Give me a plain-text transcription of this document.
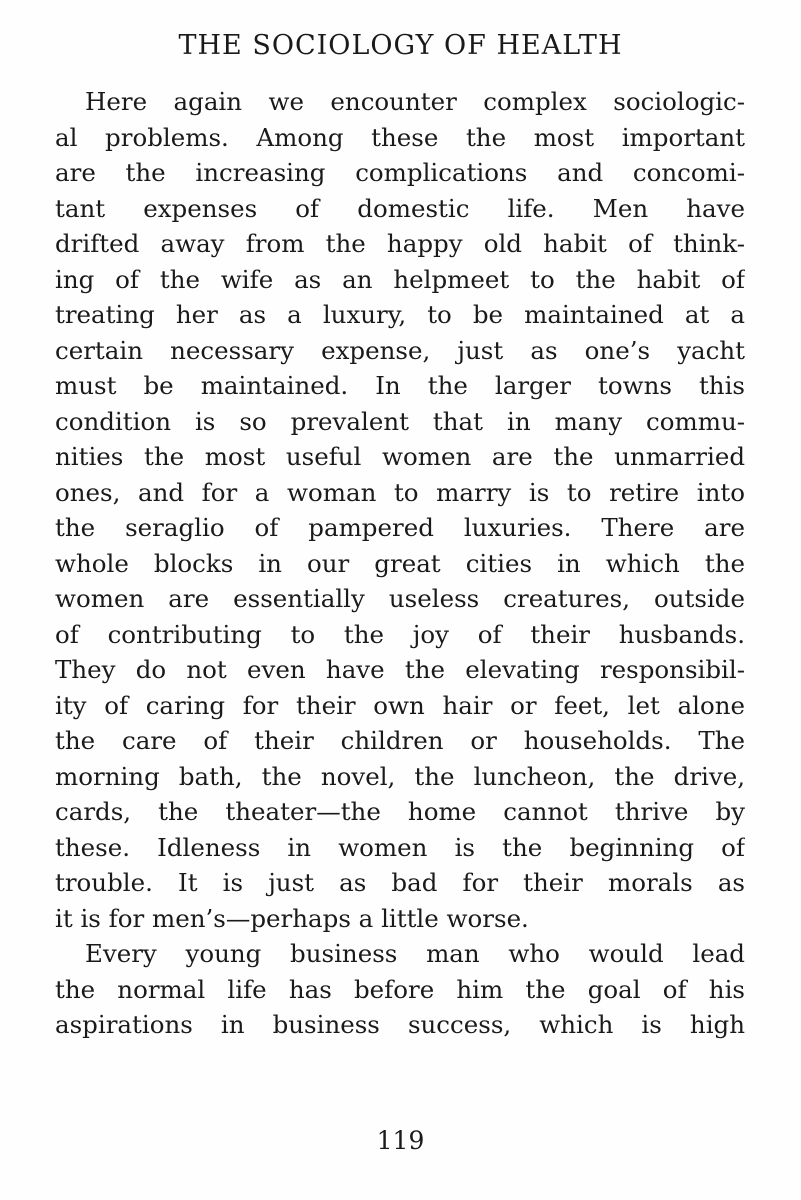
THE SOCIOLOGY OF HEALTH
Here again we encounter complex sociologic-
al problems. Among these the most important
are the increasing complications and concomi-
tant expenses of domestic life. Men have
drifted away from the happy old habit of think-
ing of the wife as an helpmeet to the habit of
treating her as a luxury, to be maintained at a
certain necessary expense, just as one’s yacht
must be maintained. In the larger towns this
condition is so prevalent that in many commu-
nities the most useful women are the unmarried
ones, and for a woman to marry is to retire into
the seraglio of pampered luxuries. There are
whole blocks in our great cities in which the
women are essentially useless creatures, outside
of contributing to the joy of their husbands.
They do not even have the elevating responsibil-
ity of caring for their own hair or feet, let alone
the care of their children or households. The
morning bath, the novel, the luncheon, the drive,
cards, the theater—the home cannot thrive by
these. Idleness in women is the beginning of
trouble. It is just as bad for their morals as
it is for men’s—perhaps a little worse.
Every young business man who would lead
the normal life has before him the goal of his
aspirations in business success, which is high
119
